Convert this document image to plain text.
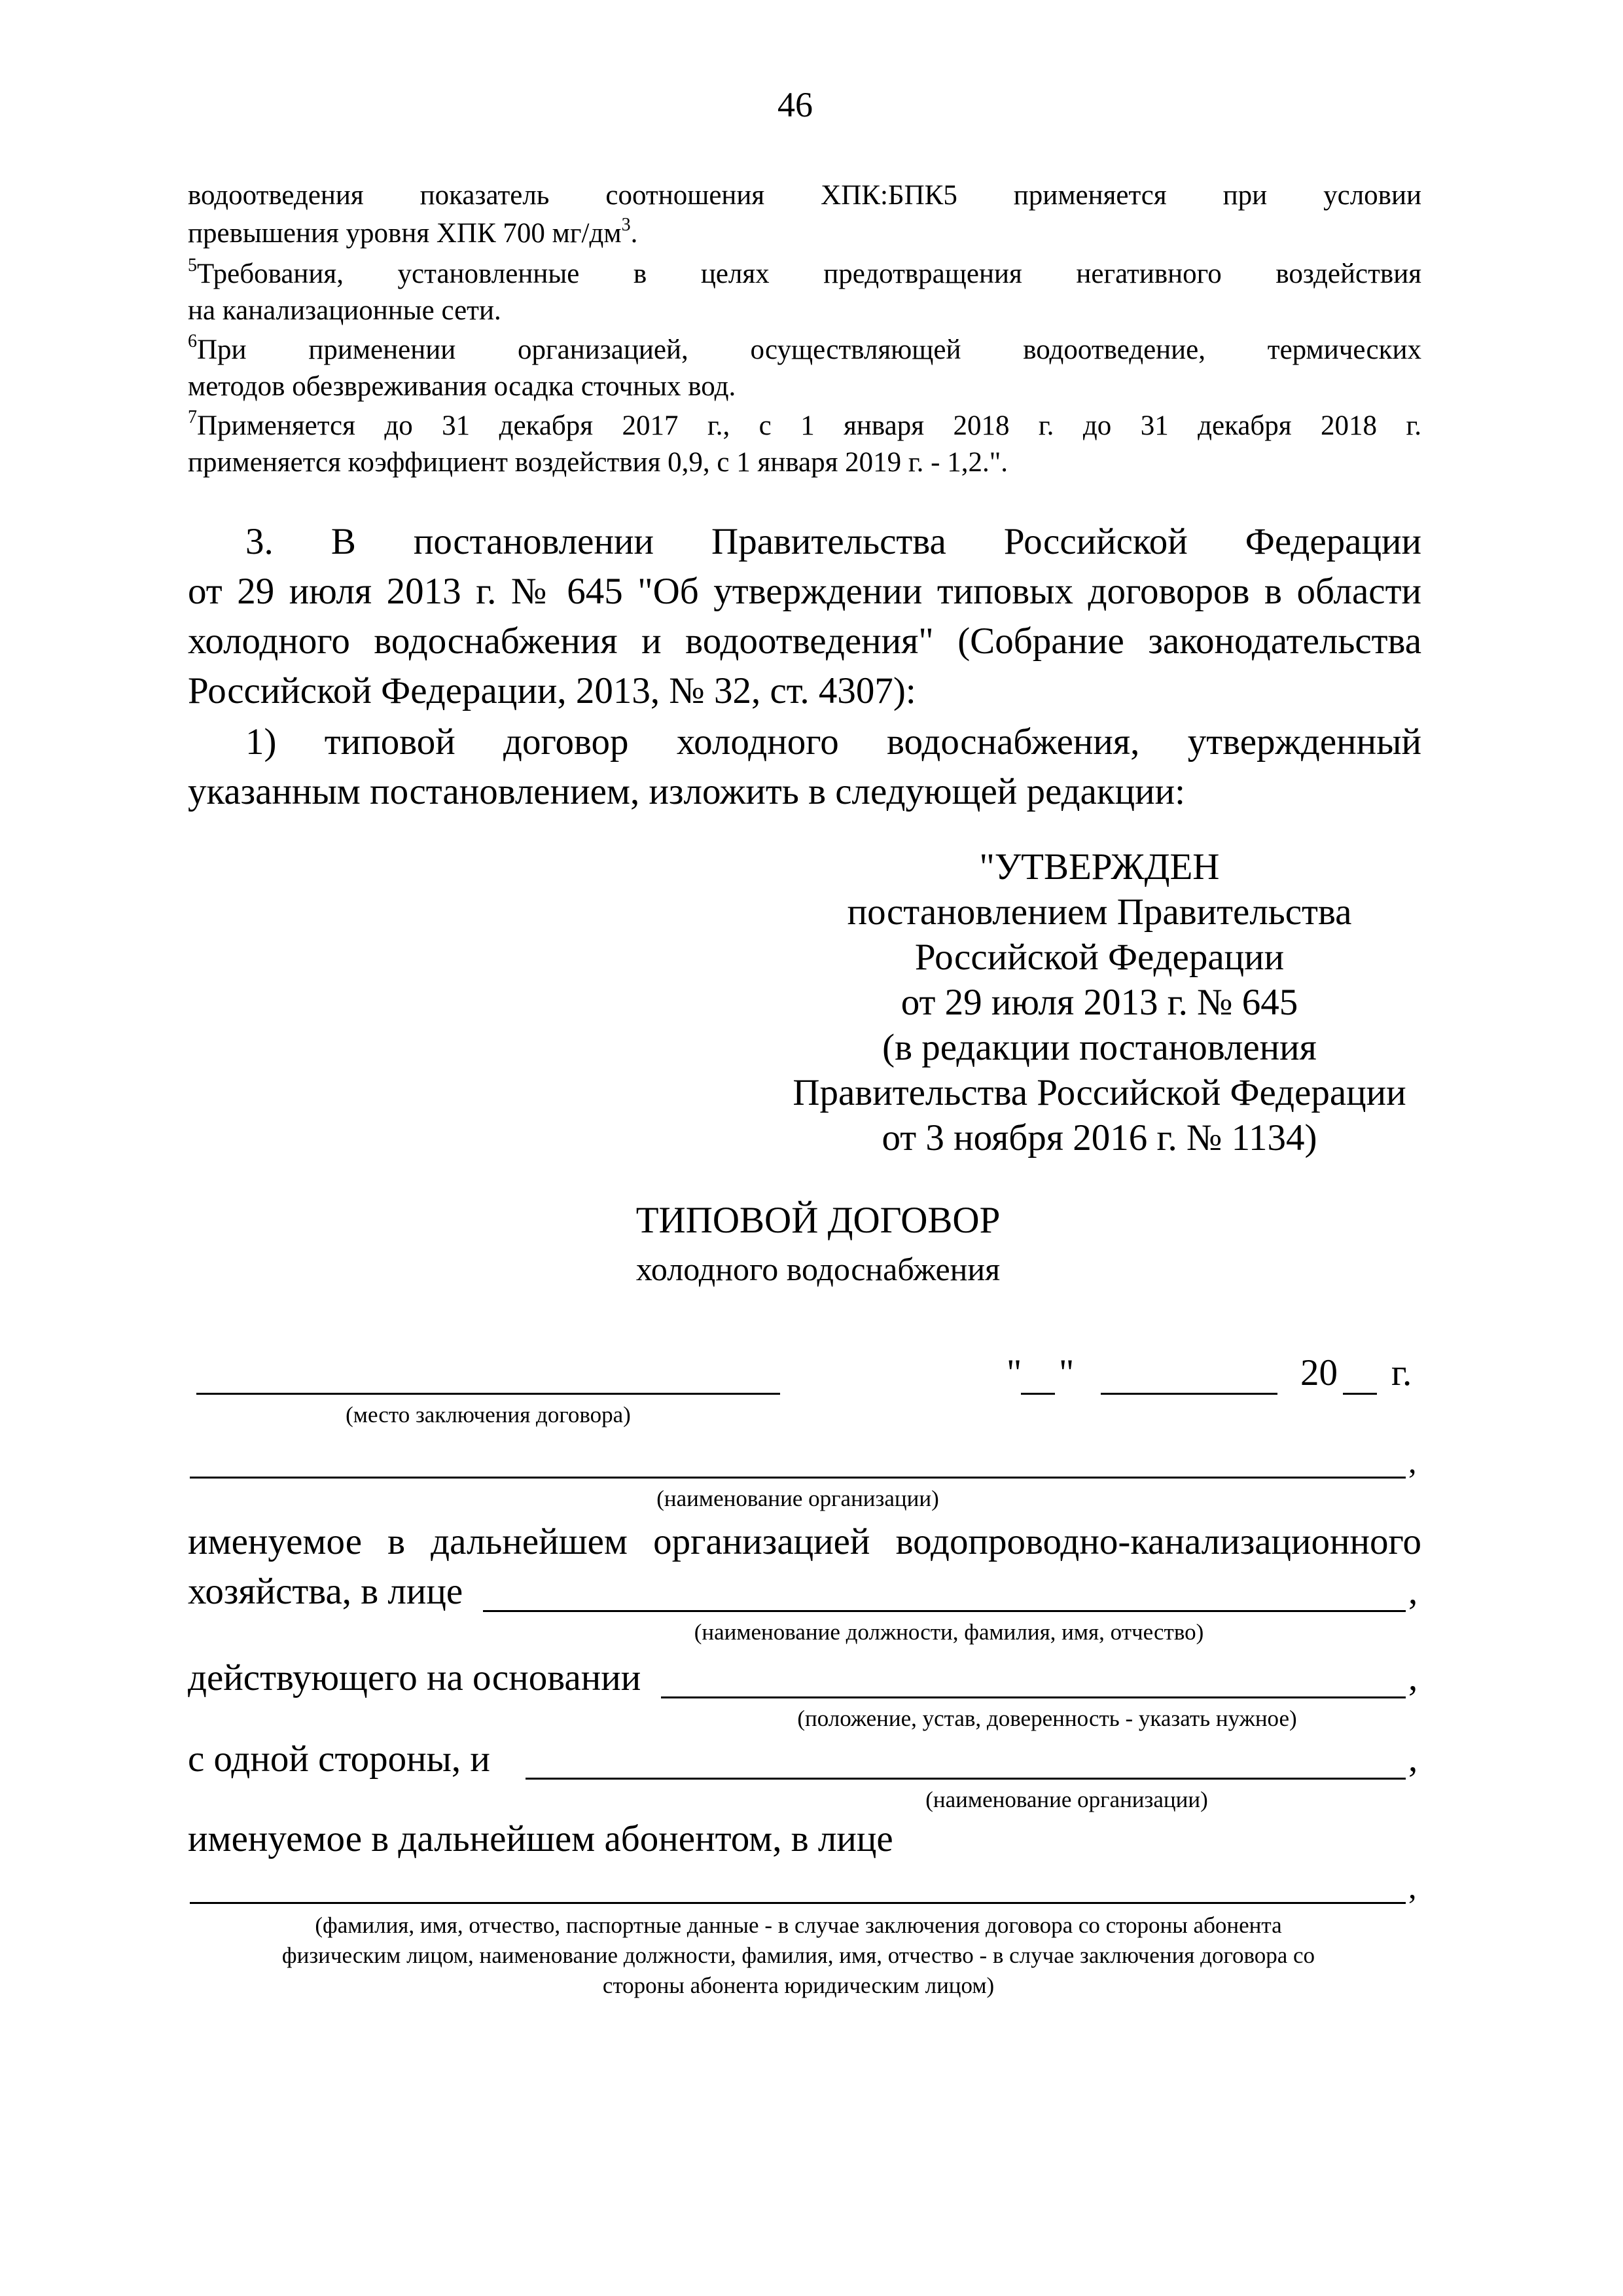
46
водоотведения показатель соотношения ХПК:БПК5 применяется при условии
превышения уровня ХПК 700 $мг/дм^3$.
$^5$Требования, установленные в целях предотвращения негативного воздействия
на канализационные сети.
$^6$При применении организацией, осуществляющей водоотведение, термических
методов обезвреживания осадка сточных вод.
$^7$Применяется до 31 декабря 2017 г., с 1 января 2018 г. до 31 декабря 2018 г.
применяется коэффициент воздействия 0,9, с 1 января 2019 г. - 1,2.".
3. В постановлении Правительства Российской Федерации
от 29 июля 2013 г. № 645 "Об утверждении типовых договоров в области
холодного водоснабжения и водоотведения" (Собрание законодательства
Российской Федерации, 2013, № 32, ст. 4307):
1) типовой договор холодного водоснабжения, утвержденный
указанным постановлением, изложить в следующей редакции:
"УТВЕРЖДЕН
постановлением Правительства
Российской Федерации
от 29 июля 2013 г. № 645
(в редакции постановления
Правительства Российской Федерации
от 3 ноября 2016 г. № 1134)
ТИПОВОЙ ДОГОВОР
холодного водоснабжения
" "	20 г.
(место заключения договора)
,
(наименование организации)
именуемое в дальнейшем организацией водопроводно-канализационного
хозяйства, в лице	,
(наименование должности, фамилия, имя, отчество)
действующего на основании	,
(положение, устав, доверенность - указать нужное)
с одной стороны, и	,
(наименование организации)
именуемое в дальнейшем абонентом, в лице
,
(фамилия, имя, отчество, паспортные данные - в случае заключения договора со стороны абонента
физическим лицом, наименование должности, фамилия, имя, отчество - в случае заключения договора со
стороны абонента юридическим лицом)
